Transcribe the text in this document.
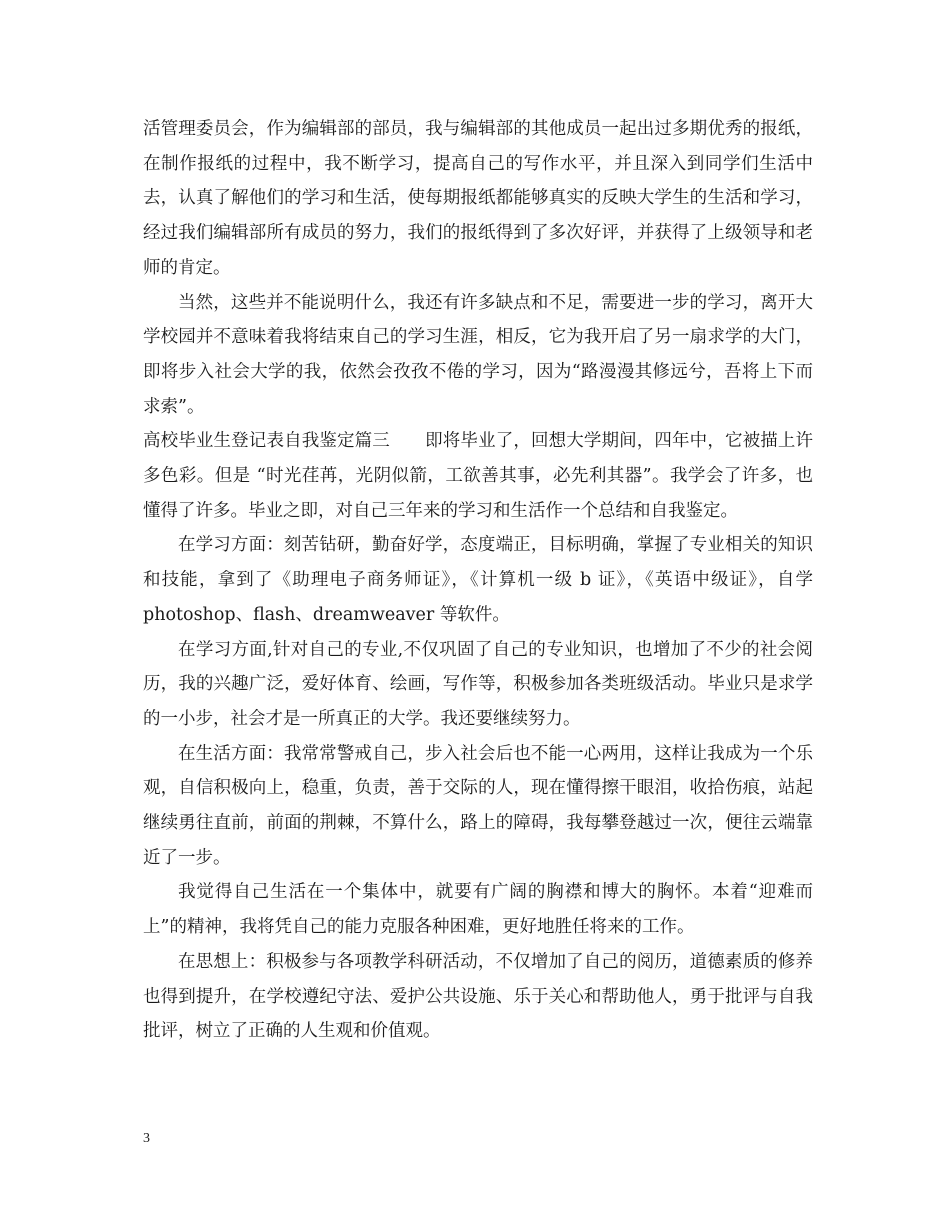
活管理委员会，作为编辑部的部员，我与编辑部的其他成员一起出过多期优秀的报纸，在制作报纸的过程中，我不断学习，提高自己的写作水平，并且深入到同学们生活中去，认真了解他们的学习和生活，使每期报纸都能够真实的反映大学生的生活和学习，经过我们编辑部所有成员的努力，我们的报纸得到了多次好评，并获得了上级领导和老师的肯定。

当然，这些并不能说明什么，我还有许多缺点和不足，需要进一步的学习，离开大学校园并不意味着我将结束自己的学习生涯，相反，它为我开启了另一扇求学的大门，即将步入社会大学的我，依然会孜孜不倦的学习，因为“路漫漫其修远兮，吾将上下而求索”。

高校毕业生登记表自我鉴定篇三　　即将毕业了，回想大学期间，四年中，它被描上许多色彩。但是 “时光荏苒，光阴似箭，工欲善其事，必先利其器”。我学会了许多，也懂得了许多。毕业之即，对自己三年来的学习和生活作一个总结和自我鉴定。

在学习方面：刻苦钻研，勤奋好学，态度端正，目标明确，掌握了专业相关的知识和技能，拿到了《助理电子商务师证》，《计算机一级 b 证》，《英语中级证》，自学 photoshop、flash、dreamweaver 等软件。

在学习方面,针对自己的专业,不仅巩固了自己的专业知识，也增加了不少的社会阅历，我的兴趣广泛，爱好体育、绘画，写作等，积极参加各类班级活动。毕业只是求学的一小步，社会才是一所真正的大学。我还要继续努力。

在生活方面：我常常警戒自己，步入社会后也不能一心两用，这样让我成为一个乐观，自信积极向上，稳重，负责，善于交际的人，现在懂得擦干眼泪，收拾伤痕，站起继续勇往直前，前面的荆棘，不算什么，路上的障碍，我每攀登越过一次，便往云端靠近了一步。

我觉得自己生活在一个集体中，就要有广阔的胸襟和博大的胸怀。本着“迎难而上”的精神，我将凭自己的能力克服各种困难，更好地胜任将来的工作。

在思想上：积极参与各项教学科研活动，不仅增加了自己的阅历，道德素质的修养也得到提升，在学校遵纪守法、爱护公共设施、乐于关心和帮助他人，勇于批评与自我批评，树立了正确的人生观和价值观。

3
